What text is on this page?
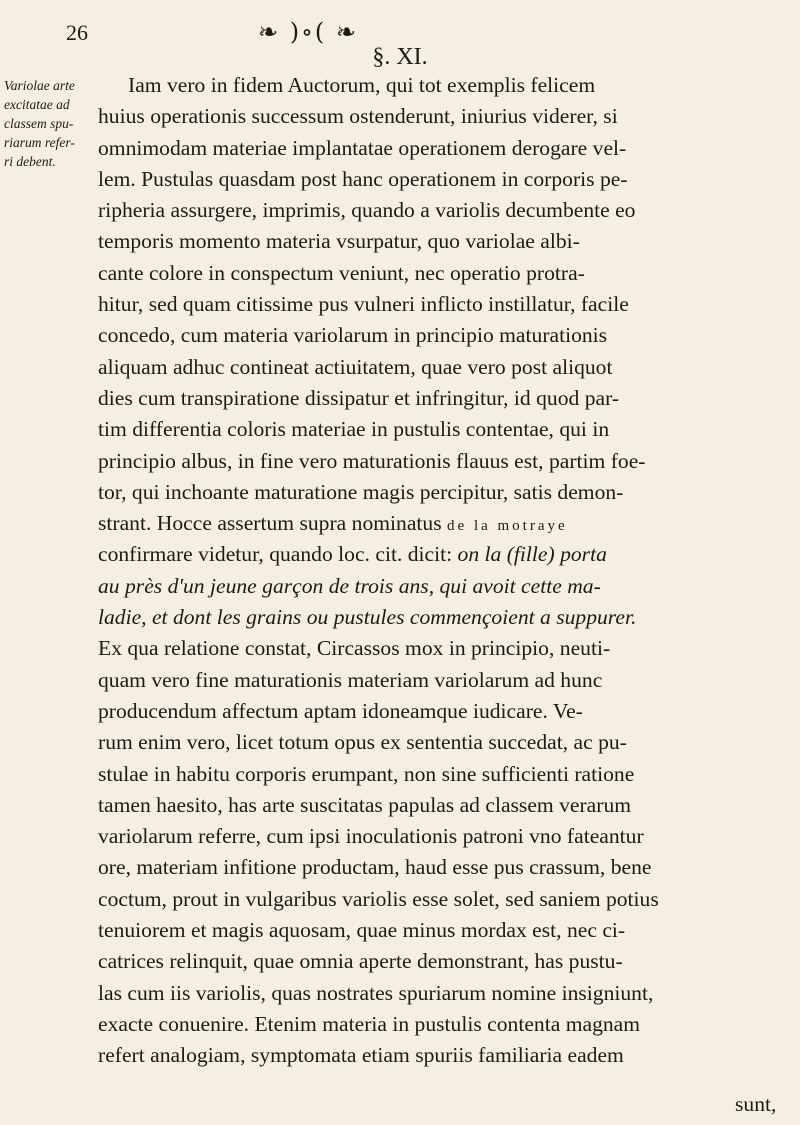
26	❧ )∘( ❧
§. XI.
Variolae arte
excitatae ad
classem spu-
riarum refer-
ri debent.
Iam vero in fidem Auctorum, qui tot exemplis felicem
huius operationis successum ostenderunt, iniurius viderer, si
omnimodam materiae implantatae operationem derogare vel-
lem. Pustulas quasdam post hanc operationem in corporis pe-
ripheria assurgere, imprimis, quando a variolis decumbente eo
temporis momento materia vsurpatur, quo variolae albi-
cante colore in conspectum veniunt, nec operatio protra-
hitur, sed quam citissime pus vulneri inflicto instillatur, facile
concedo, cum materia variolarum in principio maturationis
aliquam adhuc contineat actiuitatem, quae vero post aliquot
dies cum transpiratione dissipatur et infringitur, id quod par-
tim differentia coloris materiae in pustulis contentae, qui in
principio albus, in fine vero maturationis flauus est, partim foe-
tor, qui inchoante maturatione magis percipitur, satis demon-
strant. Hocce assertum supra nominatus de la motraye
confirmare videtur, quando loc. cit. dicit: on la (fille) porta
au près d'un jeune garçon de trois ans, qui avoit cette ma-
ladie, et dont les grains ou pustules commençoient a suppurer.
Ex qua relatione constat, Circassos mox in principio, neuti-
quam vero fine maturationis materiam variolarum ad hunc
producendum affectum aptam idoneamque iudicare. Ve-
rum enim vero, licet totum opus ex sententia succedat, ac pu-
stulae in habitu corporis erumpant, non sine sufficienti ratione
tamen haesito, has arte suscitatas papulas ad classem verarum
variolarum referre, cum ipsi inoculationis patroni vno fateantur
ore, materiam infitione productam, haud esse pus crassum, bene
coctum, prout in vulgaribus variolis esse solet, sed saniem potius
tenuiorem et magis aquosam, quae minus mordax est, nec ci-
catrices relinquit, quae omnia aperte demonstrant, has pustu-
las cum iis variolis, quas nostrates spuriarum nomine insigniunt,
exacte conuenire. Etenim materia in pustulis contenta magnam
refert analogiam, symptomata etiam spuriis familiaria eadem
sunt,
